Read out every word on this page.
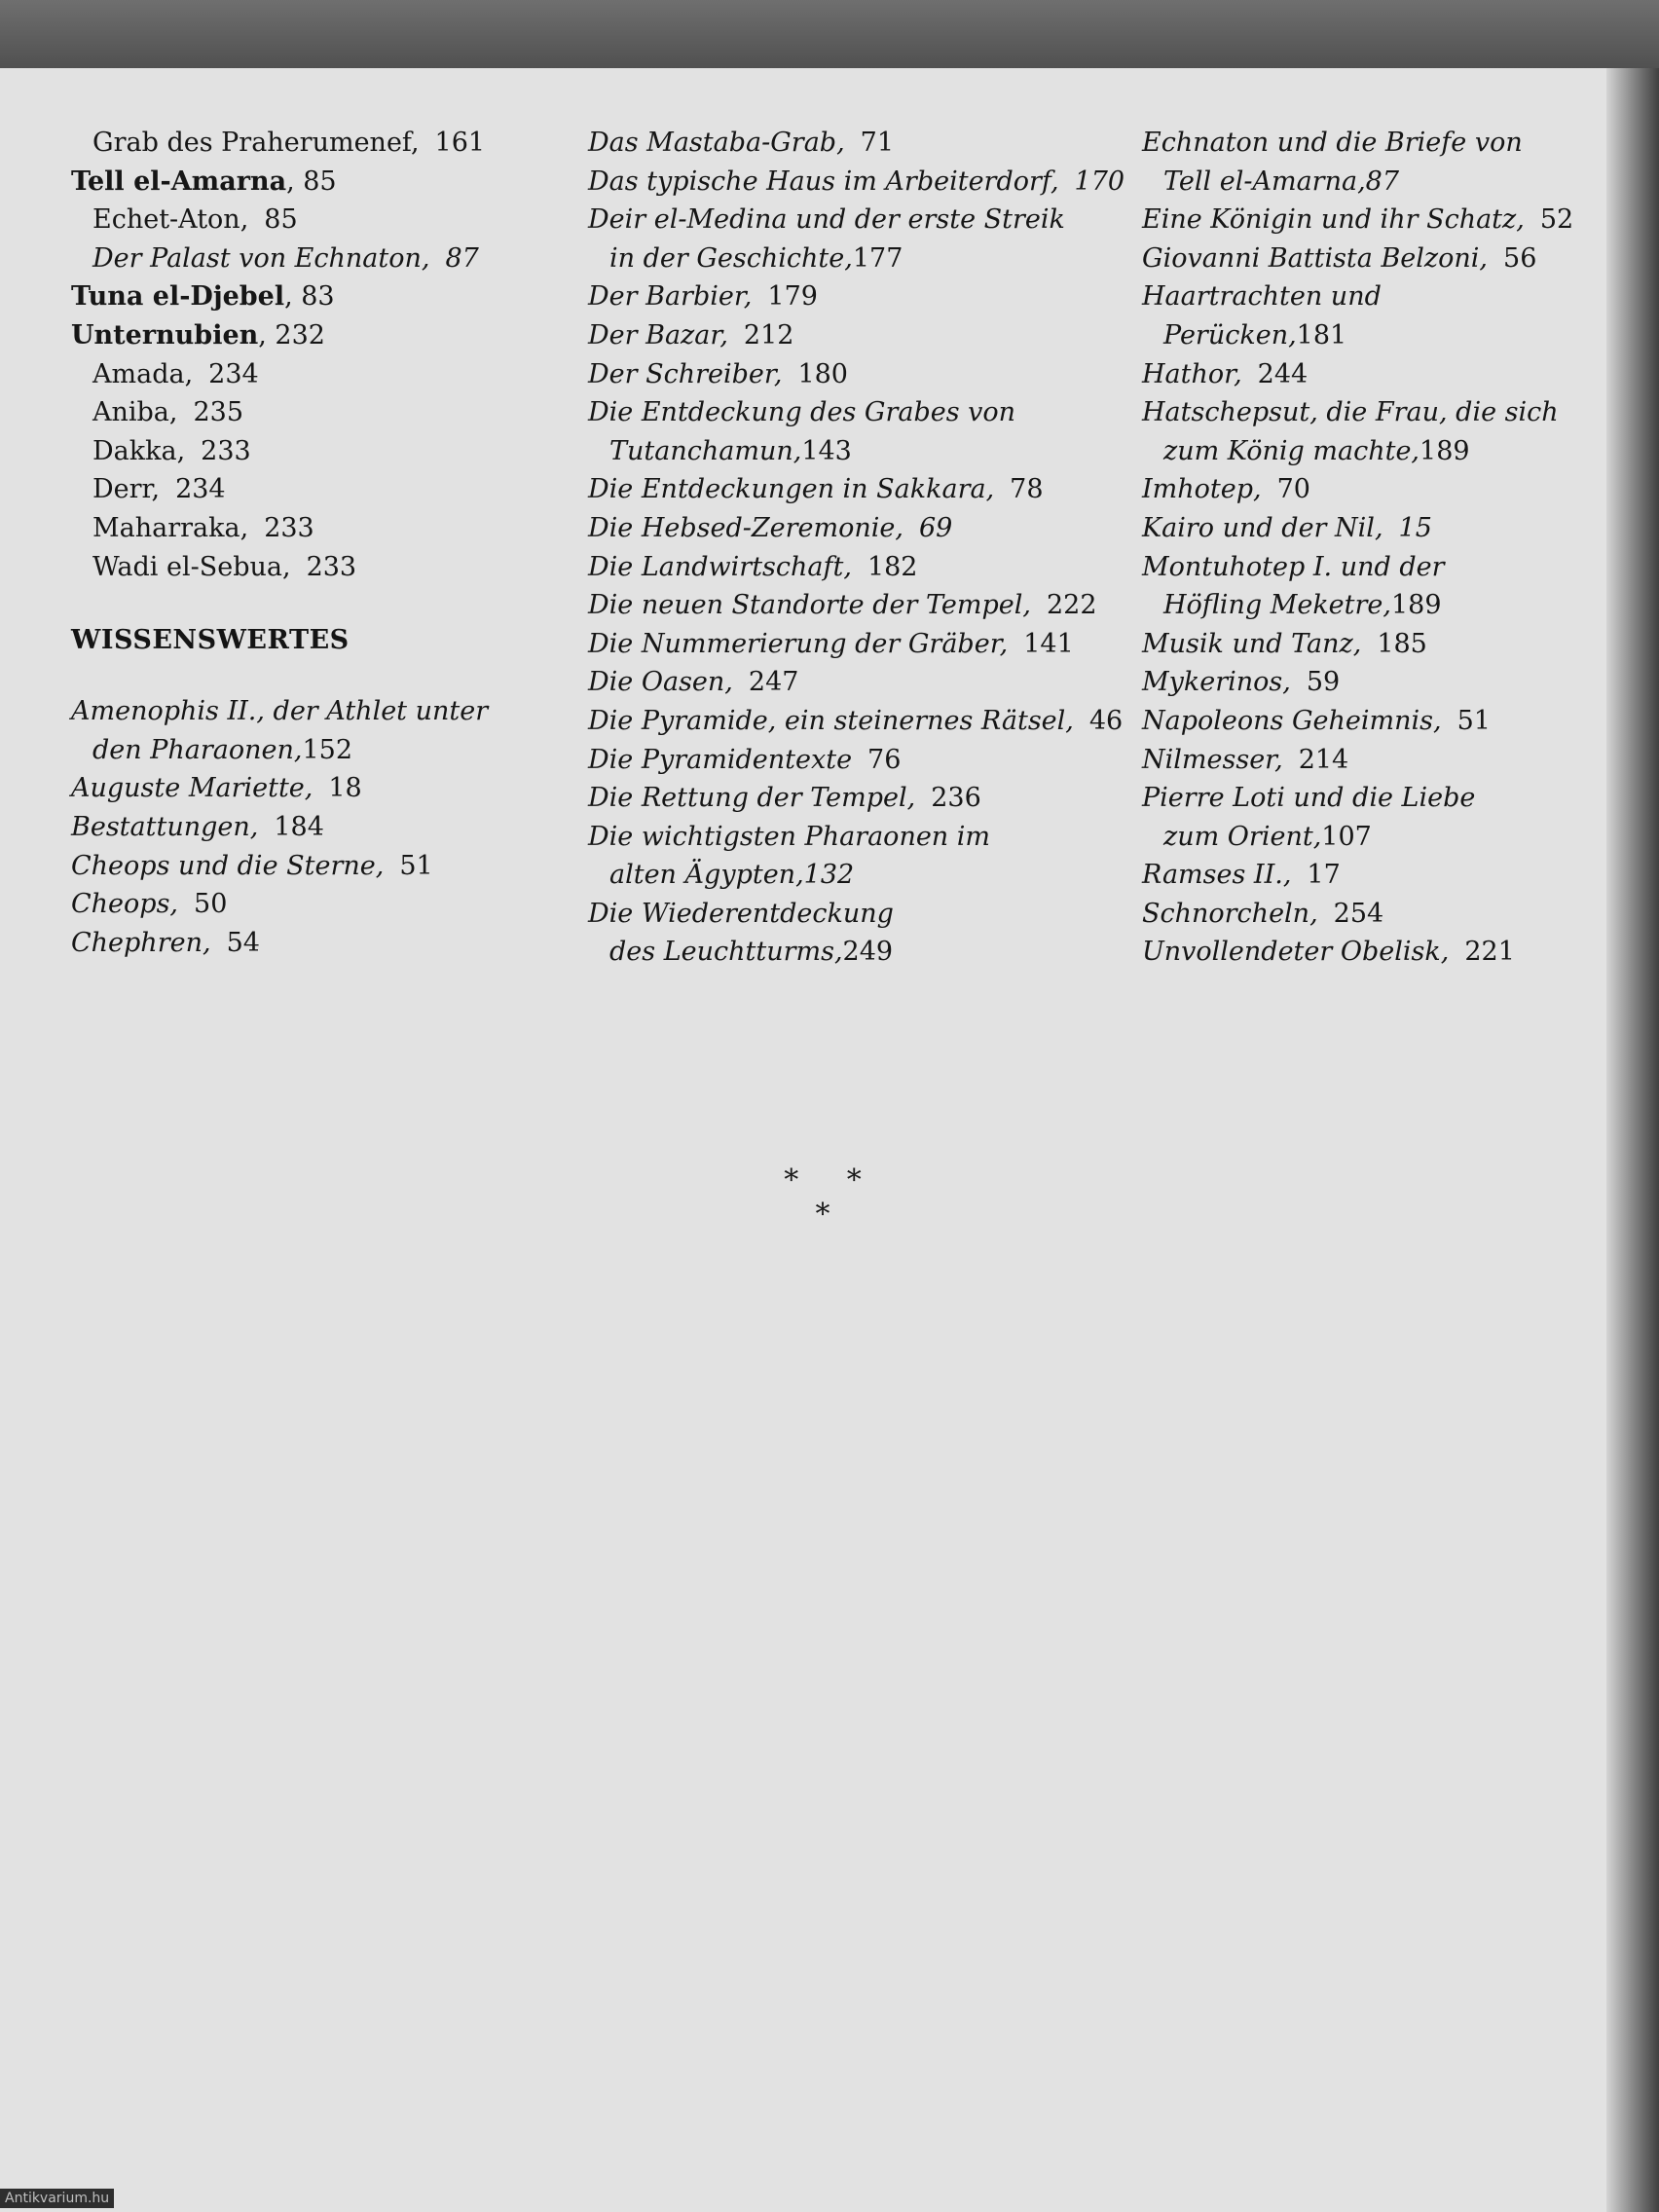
Grab des Praherumenef, 161
Tell el-Amarna, 85
Echet-Aton, 85
Der Palast von Echnaton, 87
Tuna el-Djebel, 83
Unternubien, 232
Amada, 234
Aniba, 235
Dakka, 233
Derr, 234
Maharraka, 233
Wadi el-Sebua, 233
WISSENSWERTES
Amenophis II., der Athlet unter
den Pharaonen,152
Auguste Mariette, 18
Bestattungen, 184
Cheops und die Sterne, 51
Cheops, 50
Chephren, 54
Das Mastaba-Grab, 71
Das typische Haus im Arbeiterdorf, 170
Deir el-Medina und der erste Streik
in der Geschichte,177
Der Barbier, 179
Der Bazar, 212
Der Schreiber, 180
Die Entdeckung des Grabes von
Tutanchamun,143
Die Entdeckungen in Sakkara, 78
Die Hebsed-Zeremonie, 69
Die Landwirtschaft, 182
Die neuen Standorte der Tempel, 222
Die Nummerierung der Gräber, 141
Die Oasen, 247
Die Pyramide, ein steinernes Rätsel, 46
Die Pyramidentexte 76
Die Rettung der Tempel, 236
Die wichtigsten Pharaonen im
alten Ägypten,132
Die Wiederentdeckung
des Leuchtturms,249
Echnaton und die Briefe von
Tell el-Amarna,87
Eine Königin und ihr Schatz, 52
Giovanni Battista Belzoni, 56
Haartrachten und
Perücken,181
Hathor, 244
Hatschepsut, die Frau, die sich
zum König machte,189
Imhotep, 70
Kairo und der Nil, 15
Montuhotep I. und der
Höfling Meketre,189
Musik und Tanz, 185
Mykerinos, 59
Napoleons Geheimnis, 51
Nilmesser, 214
Pierre Loti und die Liebe
zum Orient,107
Ramses II., 17
Schnorcheln, 254
Unvollendeter Obelisk, 221
* * *
Antikvarium.hu
